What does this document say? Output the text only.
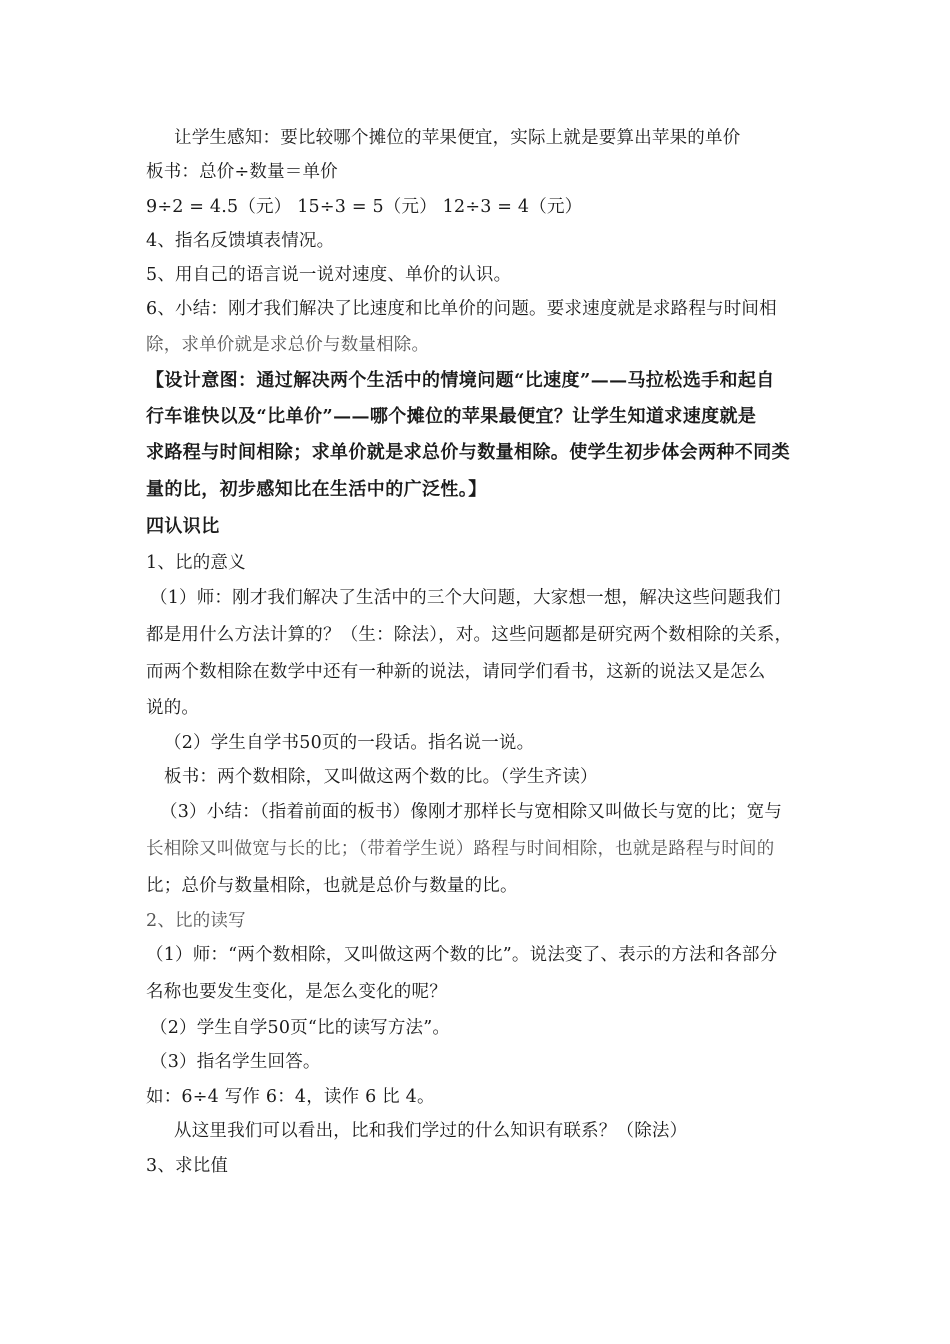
让学生感知：要比较哪个摊位的苹果便宜，实际上就是要算出苹果的单价
板书：总价÷数量＝单价
9÷2 = 4.5（元） 15÷3 = 5（元） 12÷3 = 4（元）
4、指名反馈填表情况。
5、用自己的语言说一说对速度、单价的认识。
6、小结：刚才我们解决了比速度和比单价的问题。要求速度就是求路程与时间相
除，求单价就是求总价与数量相除。
【设计意图：通过解决两个生活中的情境问题“比速度”——马拉松选手和起自
行车谁快以及“比单价”——哪个摊位的苹果最便宜？让学生知道求速度就是
求路程与时间相除；求单价就是求总价与数量相除。使学生初步体会两种不同类
量的比，初步感知比在生活中的广泛性。】
四认识比
1、比的意义
（1）师：刚才我们解决了生活中的三个大问题，大家想一想，解决这些问题我们
都是用什么方法计算的？（生：除法），对。这些问题都是研究两个数相除的关系，
而两个数相除在数学中还有一种新的说法，请同学们看书，这新的说法又是怎么
说的。
（2）学生自学书50页的一段话。指名说一说。
板书：两个数相除，又叫做这两个数的比。（学生齐读）
（3）小结：（指着前面的板书）像刚才那样长与宽相除又叫做长与宽的比；宽与
长相除又叫做宽与长的比；（带着学生说）路程与时间相除，也就是路程与时间的
比；总价与数量相除，也就是总价与数量的比。
2、比的读写
（1）师：“两个数相除，又叫做这两个数的比”。说法变了、表示的方法和各部分
名称也要发生变化，是怎么变化的呢？
（2）学生自学50页“比的读写方法”。
（3）指名学生回答。
如：6÷4 写作 6：4，读作 6 比 4。
从这里我们可以看出，比和我们学过的什么知识有联系？（除法）
3、求比值
